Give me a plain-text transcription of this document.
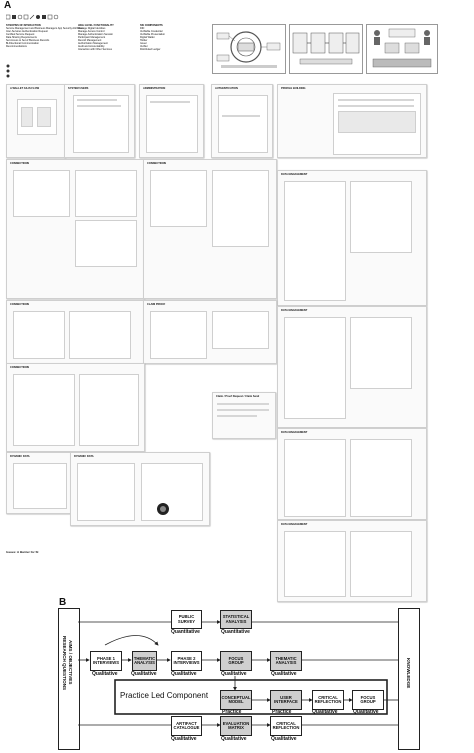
A
SYNOPSIS OF INTERACTION
Service Management and Business Managers App Security Attributes
Inter-Services Authentication Request
Certified Service Request
Data Sharing Requirements
Set Access to Set of Business Records
Bi-Directional Communication
Recommendations
HIGH LEVEL FUNCTIONALITY
Manage Digital Identities
Manage Access Control
Manage Authentication Session
Participant Management
Record Management
Authorization Management
Audit and Accountability
Interaction with Other Services
SSI COMPONENTS
DID
Verifiable Credential
Verifiable Presentation
Digital Wallet
Holder
Issuer
Verifier
Distributed Ledger
A WALLET AS-IS FLOW	SYSTEM USERS	ADMINISTRATION	AUTHENTICATION	PROFILE BUILDING
CONNECTIONS	CONNECTIONS
DATA MANAGEMENT
CONNECTIONS	CLAIM PROOF
DATA MANAGEMENT
CONNECTIONS
Claim / Proof Request / Claim Send
DATA MANAGEMENT
DYNAMIC DATA	DYNAMIC DATA
DATA MANAGEMENT
Issues: A Barrier for SI
B
AIMS / OBJECTIVES
RESEARCH QUESTIONS	KNOWLEDGE
PUBLIC SURVEY
STATISTICAL ANALYSIS
PHASE 1 INTERVIEWS
THEMATIC ANALYSIS
PHASE 2 INTERVIEWS
FOCUS GROUP
THEMATIC ANALYSIS
CONCEPTUAL MODEL
USER INTERFACE
CRITICAL REFLECTION
FOCUS GROUP
ARTIFACT CATALOGUE
EVALUATION MATRIX
CRITICAL REFLECTION
Quantitative	Quantitative
Qualitative	Qualitative	Qualitative	Qualitative	Qualitative
Practice	Practice	Qualitative	Qualitative
Qualitative	Qualitative	Qualitative
Practice Led Component
